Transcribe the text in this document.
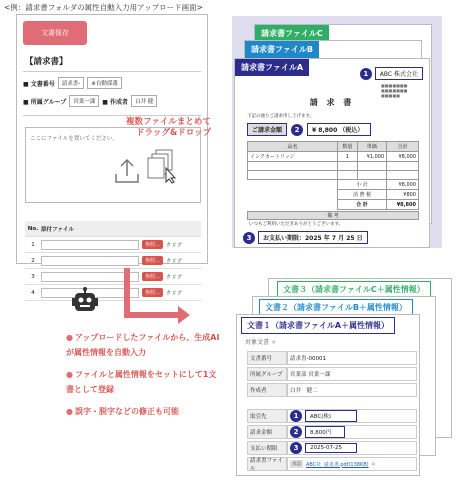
<例：請求書フォルダの属性自動入力用アップロード画面>
文書保存
【請求書】
■ 文書番号	請求書-	※自動採番
■ 所属グループ	営業一課	■ 作成者	白井 健
ここにファイルを置いてください。
No. 添付ファイル
1	参照...	クリア
2	参照...	クリア
3	参照...	クリア
4	参照...	クリア
複数ファイルまとめて
ドラッグ&ドロップ
請求書ファイルC
請求書ファイルB
請求書ファイルA
1	ABC 株式会社
■■■■■■■
■■■■■■■
■■■■■
請 求 書
下記の通りご請求申し上げます。
ご請求金額	2	¥ 8,800 （税込）
品名	数量	単価	合計
インクカートリッジ	1	¥1,000	¥8,000

	小 計		¥8,000
	消 費 税		¥800
	合 計		¥8,800
備 考
いつもご利用いただきありがとうございます。
3	お支払い期限：2025 年 7 月 25 日
● アップロードしたファイルから、生成AIが属性情報を自動入力
● ファイルと属性情報をセットにして1文書として登録
● 誤字・脱字などの修正も可能
文書３（請求書ファイルC＋属性情報）
文書２（請求書ファイルB＋属性情報）
文書１（請求書ファイルA＋属性情報）
対象文書 ★
文書番号	請求書-00001
所属グループ	営業部 営業一課
作成者	白井　健二
取引先	1	ABC(株)
請求金額	2	8,800円
支払い期限	3	2025-07-25
請求書ファイル
承認	ABC社_請求書.pdf(138KB) ⌕
